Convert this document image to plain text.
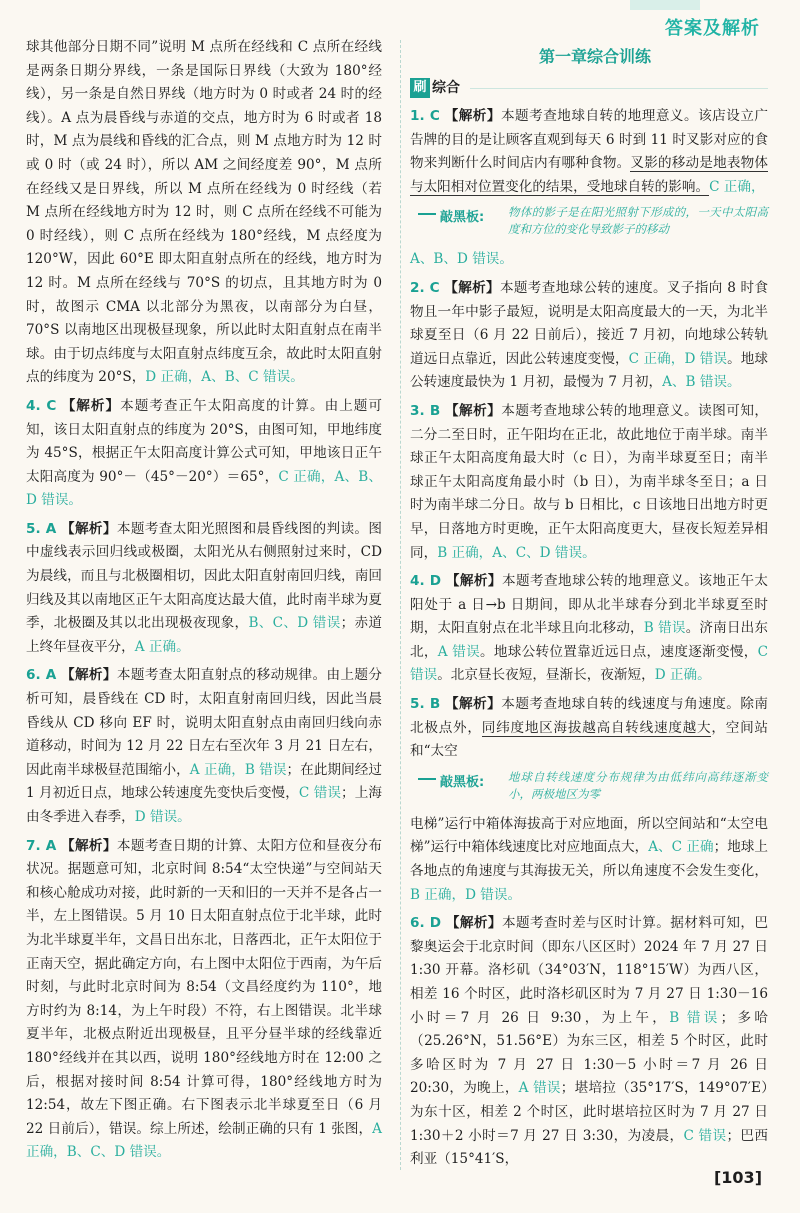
答案及解析

球其他部分日期不同”说明 M 点所在经线和 C 点所在经线是两条日期分界线，一条是国际日界线（大致为 180°经线），另一条是自然日界线（地方时为 0 时或者 24 时的经线）。A 点为晨昏线与赤道的交点，地方时为 6 时或者 18 时，M 点为晨线和昏线的汇合点，则 M 点地方时为 12 时或 0 时（或 24 时），所以 AM 之间经度差 90°，M 点所在经线又是日界线，所以 M 点所在经线为 0 时经线（若 M 点所在经线地方时为 12 时，则 C 点所在经线不可能为 0 时经线），则 C 点所在经线为 180°经线，M 点经度为 120°W，因此 60°E 即太阳直射点所在的经线，地方时为 12 时。M 点所在经线与 70°S 的切点，且其地方时为 0 时，故图示 CMA 以北部分为黑夜，以南部分为白昼，70°S 以南地区出现极昼现象，所以此时太阳直射点在南半球。由于切点纬度与太阳直射点纬度互余，故此时太阳直射点的纬度为 20°S，D 正确，A、B、C 错误。

4. C 【解析】本题考查正午太阳高度的计算。由上题可知，该日太阳直射点的纬度为 20°S，由图可知，甲地纬度为 45°S，根据正午太阳高度计算公式可知，甲地该日正午太阳高度为 90°－（45°－20°）＝65°，C 正确，A、B、D 错误。

5. A 【解析】本题考查太阳光照图和晨昏线图的判读。图中虚线表示回归线或极圈，太阳光从右侧照射过来时，CD 为晨线，而且与北极圈相切，因此太阳直射南回归线，南回归线及其以南地区正午太阳高度达最大值，此时南半球为夏季，北极圈及其以北出现极夜现象，B、C、D 错误；赤道上终年昼夜平分，A 正确。

6. A 【解析】本题考查太阳直射点的移动规律。由上题分析可知，晨昏线在 CD 时，太阳直射南回归线，因此当晨昏线从 CD 移向 EF 时，说明太阳直射点由南回归线向赤道移动，时间为 12 月 22 日左右至次年 3 月 21 日左右，因此南半球极昼范围缩小，A 正确，B 错误；在此期间经过 1 月初近日点，地球公转速度先变快后变慢，C 错误；上海由冬季进入春季，D 错误。

7. A 【解析】本题考查日期的计算、太阳方位和昼夜分布状况。据题意可知，北京时间 8:54“太空快递”与空间站天和核心舱成功对接，此时新的一天和旧的一天并不是各占一半，左上图错误。5 月 10 日太阳直射点位于北半球，此时为北半球夏半年，文昌日出东北，日落西北，正午太阳位于正南天空，据此确定方向，右上图中太阳位于西南，为午后时刻，与此时北京时间为 8:54（文昌经度约为 110°，地方时约为 8:14，为上午时段）不符，右上图错误。北半球夏半年，北极点附近出现极昼，且平分昼半球的经线靠近 180°经线并在其以西，说明 180°经线地方时在 12:00 之后，根据对接时间 8:54 计算可得，180°经线地方时为 12:54，故左下图正确。右下图表示北半球夏至日（6 月 22 日前后），错误。综上所述，绘制正确的只有 1 张图，A 正确，B、C、D 错误。

第一章综合训练
刷 综合

1. C 【解析】本题考查地球自转的地理意义。该店设立广告牌的目的是让顾客直观到每天 6 时到 11 时叉影对应的食物来判断什么时间店内有哪种食物。叉影的移动是地表物体与太阳相对位置变化的结果，受地球自转的影响。C 正确，

敲黑板: 物体的影子是在阳光照射下形成的，一天中太阳高度和方位的变化导致影子的移动

A、B、D 错误。

2. C 【解析】本题考查地球公转的速度。叉子指向 8 时食物且一年中影子最短，说明是太阳高度最大的一天，为北半球夏至日（6 月 22 日前后），接近 7 月初，向地球公转轨道远日点靠近，因此公转速度变慢，C 正确，D 错误。地球公转速度最快为 1 月初，最慢为 7 月初，A、B 错误。

3. B 【解析】本题考查地球公转的地理意义。读图可知，二分二至日时，正午阳均在正北，故此地位于南半球。南半球正午太阳高度角最大时（c 日），为南半球夏至日；南半球正午太阳高度角最小时（b 日），为南半球冬至日；a 日时为南半球二分日。故与 b 日相比，c 日该地日出地方时更早，日落地方时更晚，正午太阳高度更大，昼夜长短差异相同，B 正确，A、C、D 错误。

4. D 【解析】本题考查地球公转的地理意义。该地正午太阳处于 a 日→b 日期间，即从北半球春分到北半球夏至时期，太阳直射点在北半球且向北移动，B 错误。济南日出东北，A 错误。地球公转位置靠近远日点，速度逐渐变慢，C 错误。北京昼长夜短，昼渐长，夜渐短，D 正确。

5. B 【解析】本题考查地球自转的线速度与角速度。除南北极点外，同纬度地区海拔越高自转线速度越大，空间站和“太空

敲黑板: 地球自转线速度分布规律为由低纬向高纬逐渐变小，两极地区为零

电梯”运行中箱体海拔高于对应地面，所以空间站和“太空电梯”运行中箱体线速度比对应地面点大，A、C 正确；地球上各地点的角速度与其海拔无关，所以角速度不会发生变化，B 正确，D 错误。

6. D 【解析】本题考查时差与区时计算。据材料可知，巴黎奥运会于北京时间（即东八区区时）2024 年 7 月 27 日 1:30 开幕。洛杉矶（34°03′N，118°15′W）为西八区，相差 16 个时区，此时洛杉矶区时为 7 月 27 日 1:30－16 小时＝7 月 26 日 9:30，为上午，B 错误；多哈（25.26°N，51.56°E）为东三区，相差 5 个时区，此时多哈区时为 7 月 27 日 1:30－5 小时＝7 月 26 日 20:30，为晚上，A 错误；堪培拉（35°17′S，149°07′E）为东十区，相差 2 个时区，此时堪培拉区时为 7 月 27 日 1:30＋2 小时＝7 月 27 日 3:30，为凌晨，C 错误；巴西利亚（15°41′S，

[103]
